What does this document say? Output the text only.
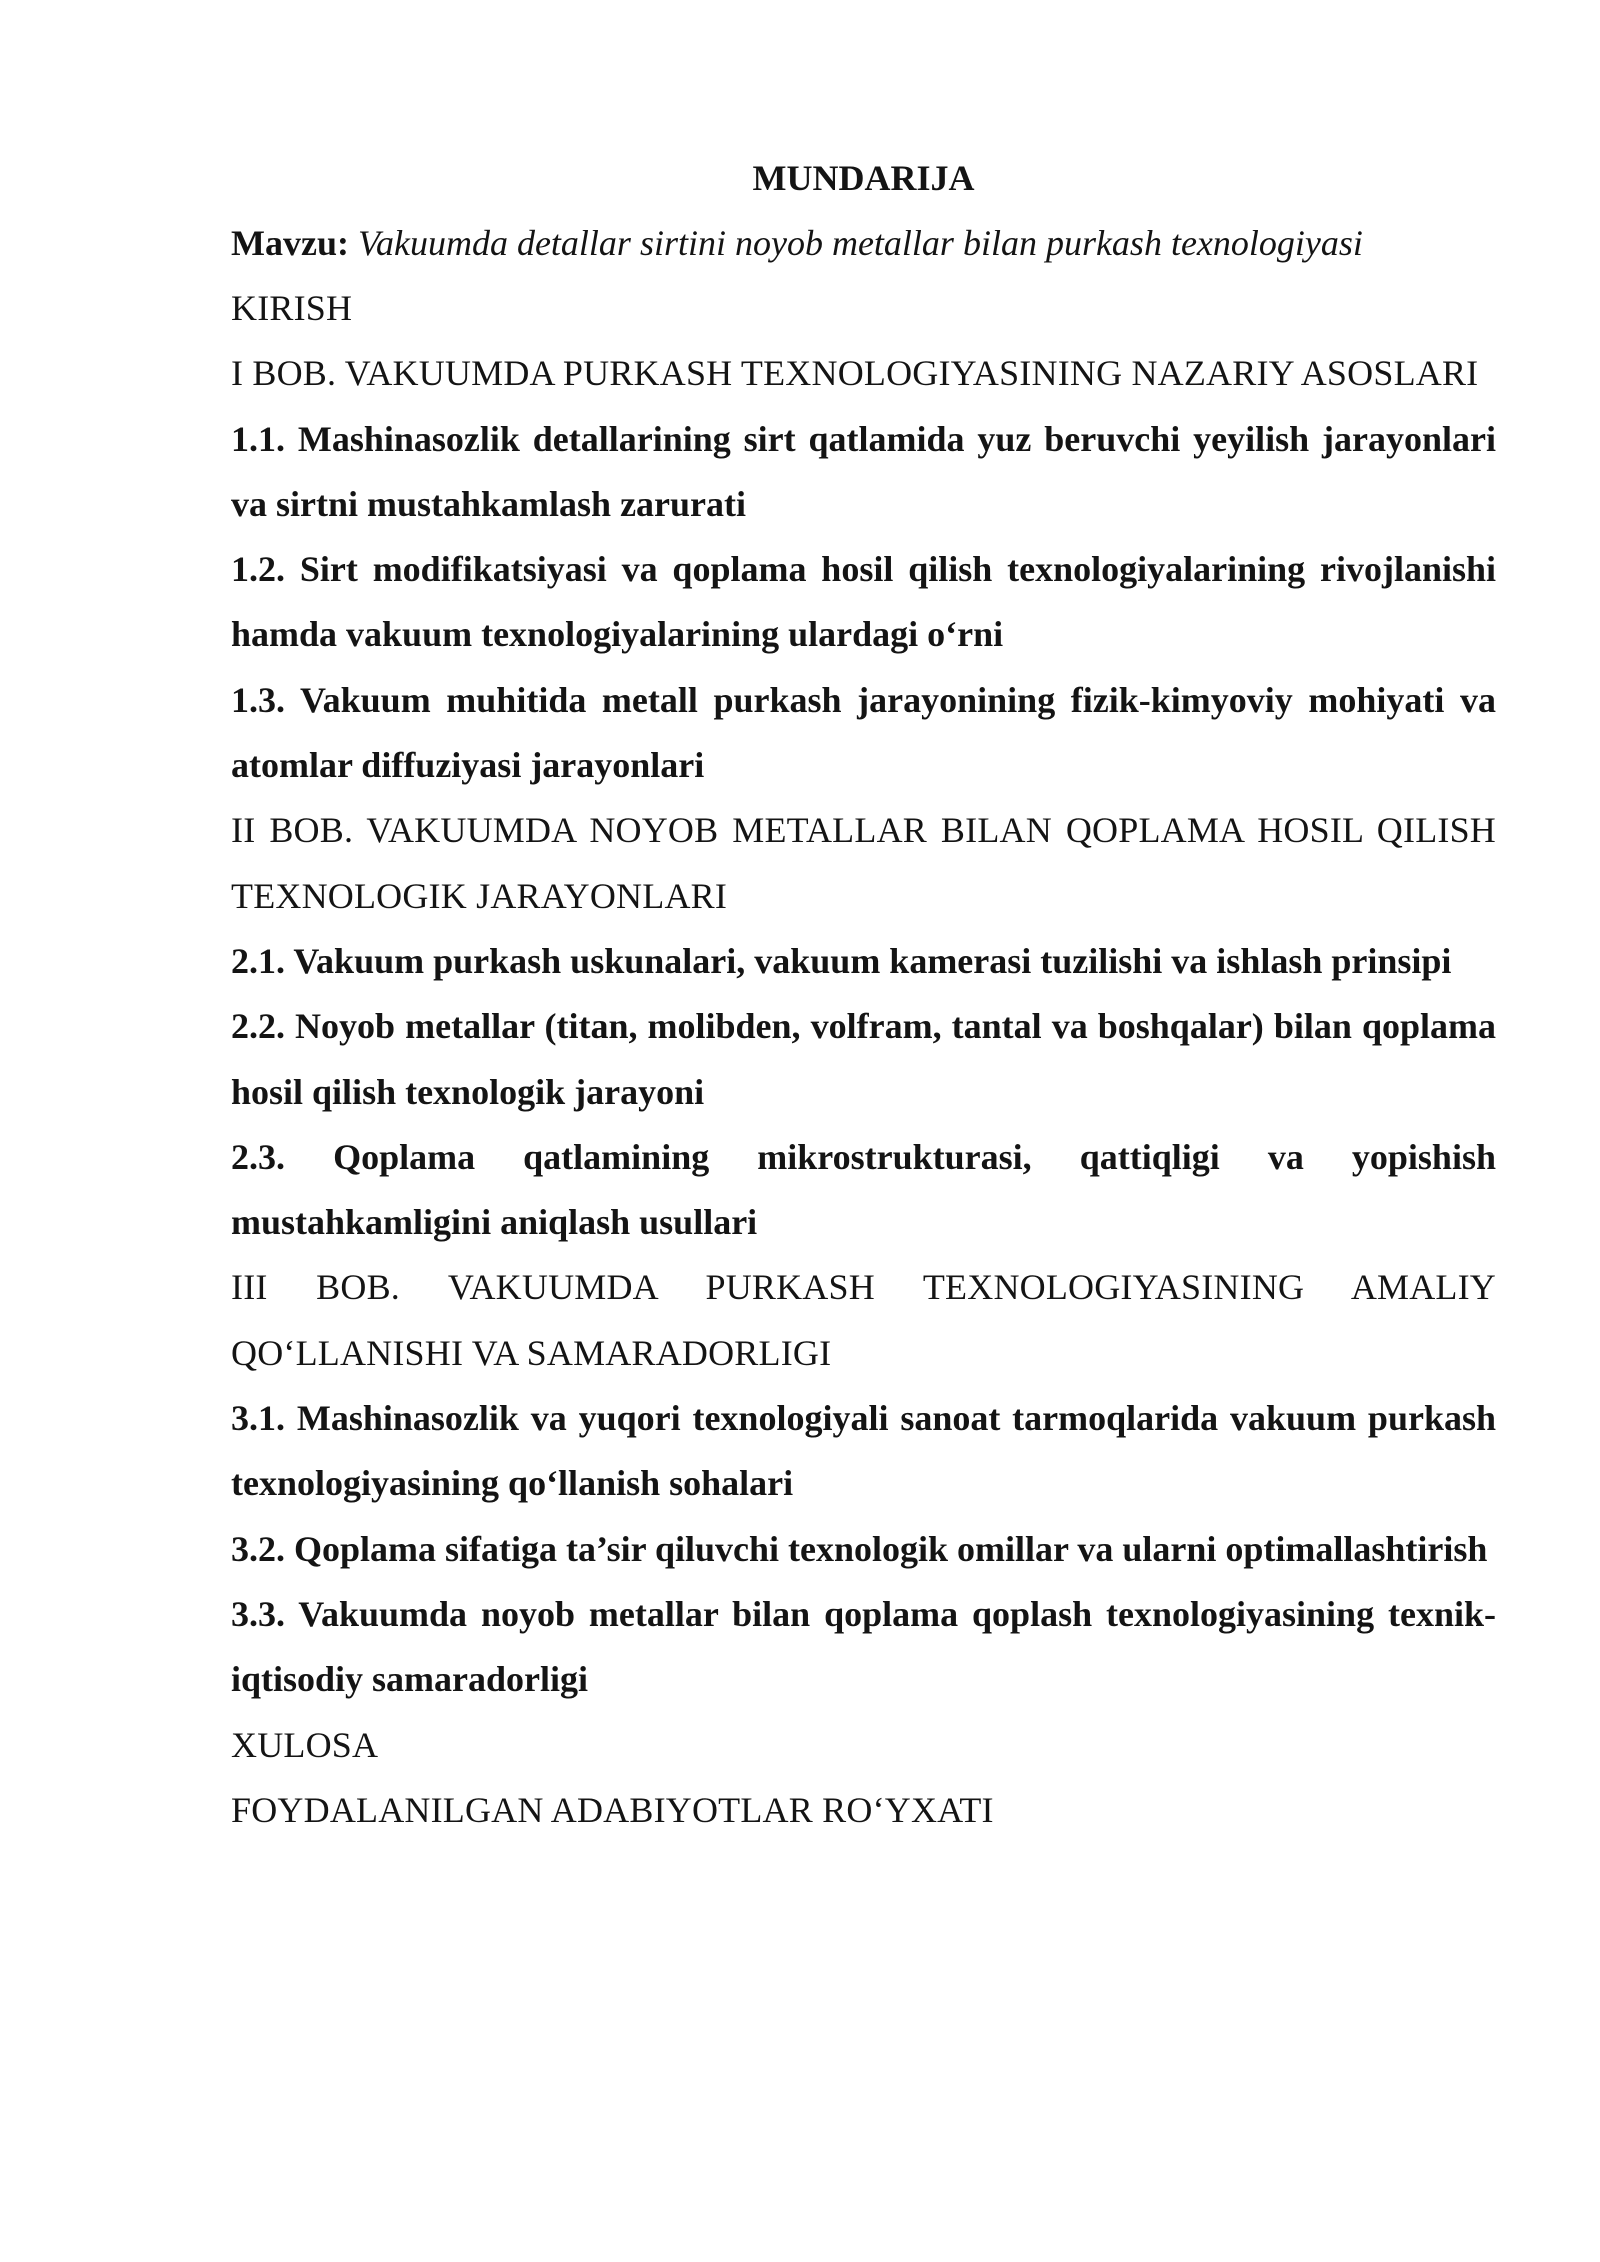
MUNDARIJA

Mavzu: Vakuumda detallar sirtini noyob metallar bilan purkash texnologiyasi

KIRISH

I BOB. VAKUUMDA PURKASH TEXNOLOGIYASINING NAZARIY ASOSLARI

1.1. Mashinasozlik detallarining sirt qatlamida yuz beruvchi yeyilish jarayonlari va sirtni mustahkamlash zarurati

1.2. Sirt modifikatsiyasi va qoplama hosil qilish texnologiyalarining rivojlanishi hamda vakuum texnologiyalarining ulardagi o‘rni

1.3. Vakuum muhitida metall purkash jarayonining fizik-kimyoviy mohiyati va atomlar diffuziyasi jarayonlari

II BOB. VAKUUMDA NOYOB METALLAR BILAN QOPLAMA HOSIL QILISH TEXNOLOGIK JARAYONLARI

2.1. Vakuum purkash uskunalari, vakuum kamerasi tuzilishi va ishlash prinsipi

2.2. Noyob metallar (titan, molibden, volfram, tantal va boshqalar) bilan qoplama hosil qilish texnologik jarayoni

2.3. Qoplama qatlamining mikrostrukturasi, qattiqligi va yopishish mustahkamligini aniqlash usullari

III BOB. VAKUUMDA PURKASH TEXNOLOGIYASINING AMALIY QO‘LLANISHI VA SAMARADORLIGI

3.1. Mashinasozlik va yuqori texnologiyali sanoat tarmoqlarida vakuum purkash texnologiyasining qo‘llanish sohalari

3.2. Qoplama sifatiga ta’sir qiluvchi texnologik omillar va ularni optimallashtirish

3.3. Vakuumda noyob metallar bilan qoplama qoplash texnologiyasining texnik-iqtisodiy samaradorligi

XULOSA

FOYDALANILGAN ADABIYOTLAR RO‘YXATI
